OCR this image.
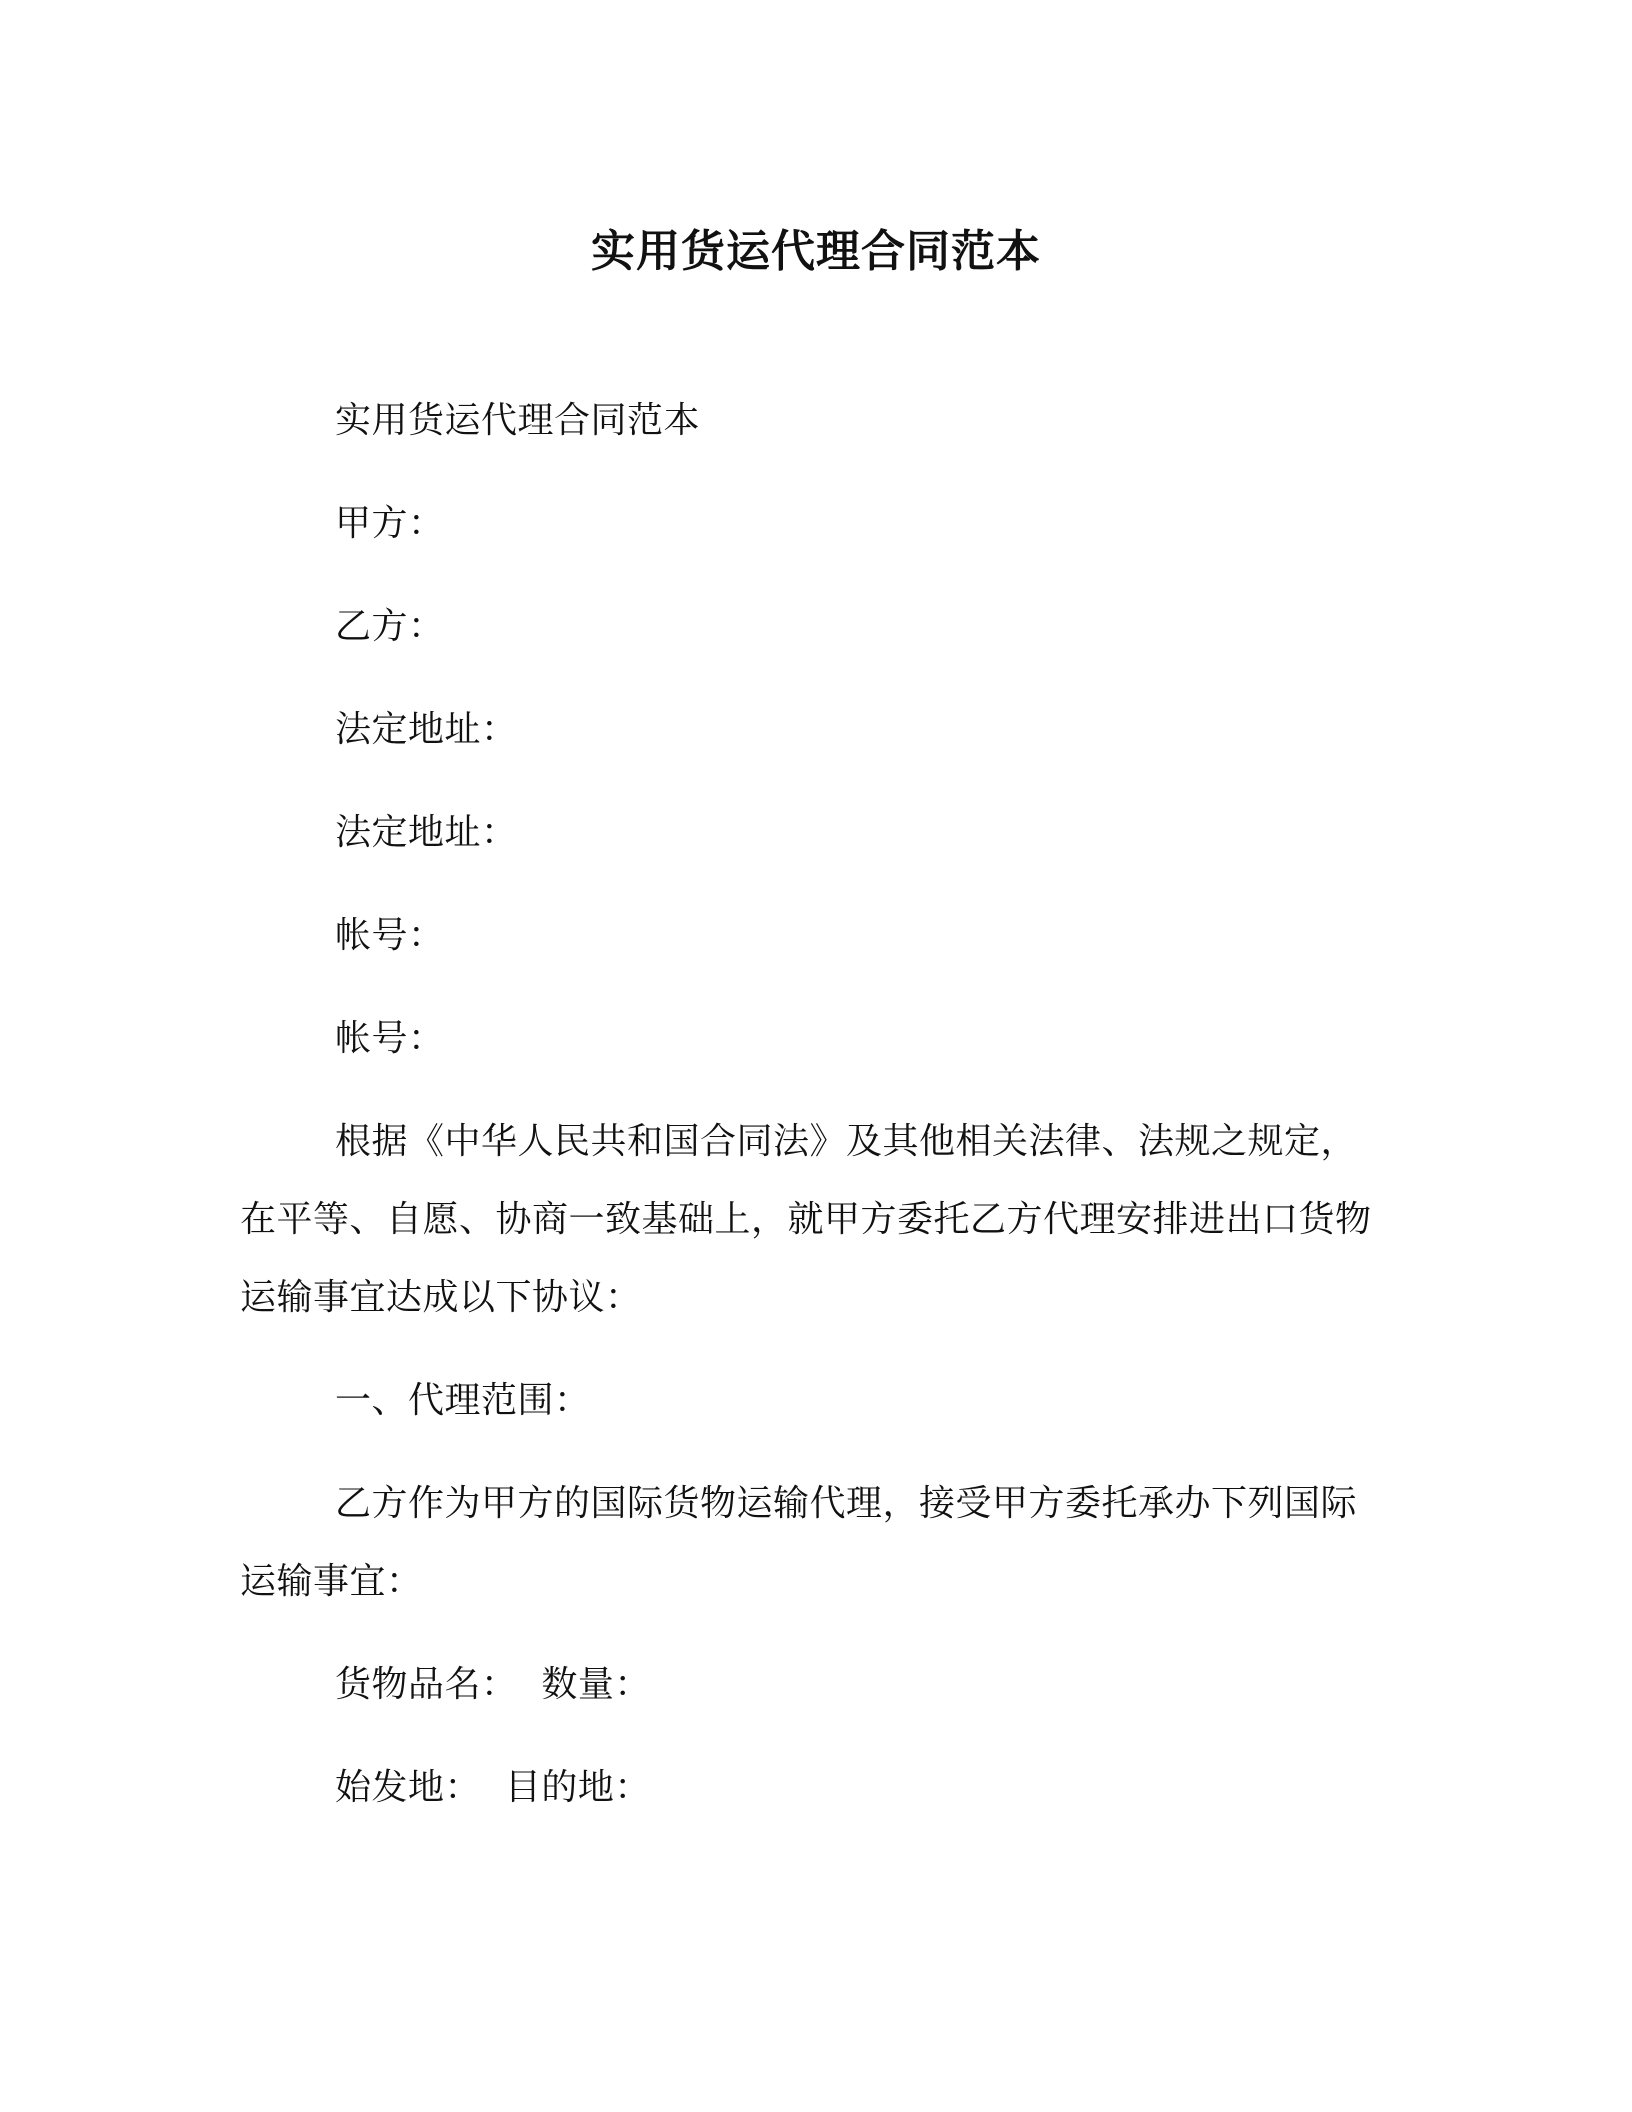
实用货运代理合同范本
实用货运代理合同范本
甲方：
乙方：
法定地址：
法定地址：
帐号：
帐号：
根据《中华人民共和国合同法》及其他相关法律、法规之规定，在平等、自愿、协商一致基础上，就甲方委托乙方代理安排进出口货物运输事宜达成以下协议：
一、代理范围：
乙方作为甲方的国际货物运输代理，接受甲方委托承办下列国际运输事宜：
货物品名：  数量：
始发地：  目的地：
